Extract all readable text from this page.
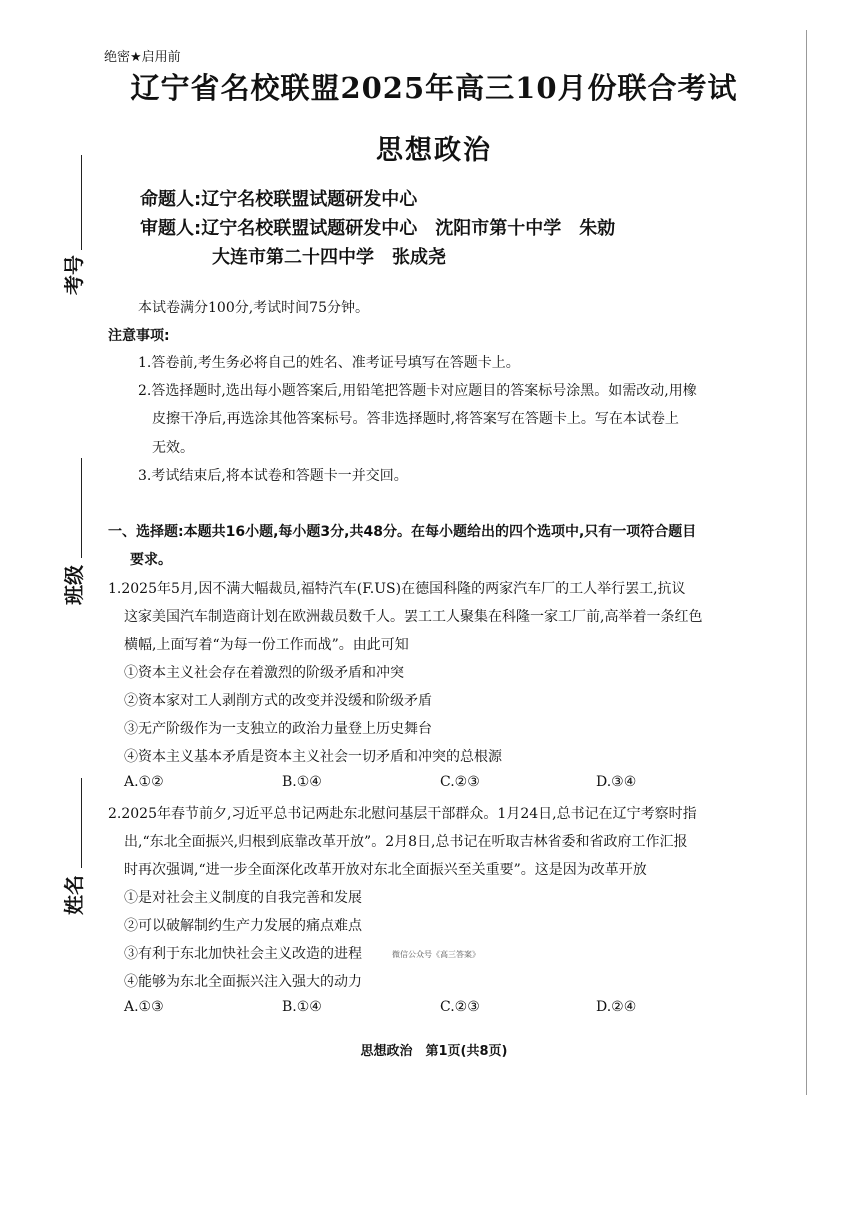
考号
班级
姓名
绝密★启用前
辽宁省名校联盟2025年高三10月份联合考试
思想政治
命题人:辽宁名校联盟试题研发中心
审题人:辽宁名校联盟试题研发中心　沈阳市第十中学　朱勍
大连市第二十四中学　张成尧
本试卷满分100分,考试时间75分钟。
注意事项:
1.答卷前,考生务必将自己的姓名、准考证号填写在答题卡上。
2.答选择题时,选出每小题答案后,用铅笔把答题卡对应题目的答案标号涂黑。如需改动,用橡
皮擦干净后,再选涂其他答案标号。答非选择题时,将答案写在答题卡上。写在本试卷上
无效。
3.考试结束后,将本试卷和答题卡一并交回。
一、选择题:本题共16小题,每小题3分,共48分。在每小题给出的四个选项中,只有一项符合题目
要求。
1.2025年5月,因不满大幅裁员,福特汽车(F.US)在德国科隆的两家汽车厂的工人举行罢工,抗议
这家美国汽车制造商计划在欧洲裁员数千人。罢工工人聚集在科隆一家工厂前,高举着一条红色
横幅,上面写着“为每一份工作而战”。由此可知
①资本主义社会存在着激烈的阶级矛盾和冲突
②资本家对工人剥削方式的改变并没缓和阶级矛盾
③无产阶级作为一支独立的政治力量登上历史舞台
④资本主义基本矛盾是资本主义社会一切矛盾和冲突的总根源
A.①②	B.①④	C.②③	D.③④
2.2025年春节前夕,习近平总书记两赴东北慰问基层干部群众。1月24日,总书记在辽宁考察时指
出,“东北全面振兴,归根到底靠改革开放”。2月8日,总书记在听取吉林省委和省政府工作汇报
时再次强调,“进一步全面深化改革开放对东北全面振兴至关重要”。这是因为改革开放
①是对社会主义制度的自我完善和发展
②可以破解制约生产力发展的痛点难点
③有利于东北加快社会主义改造的进程	微信公众号《高三答案》
④能够为东北全面振兴注入强大的动力
A.①③	B.①④	C.②③	D.②④
思想政治　第1页(共8页)
